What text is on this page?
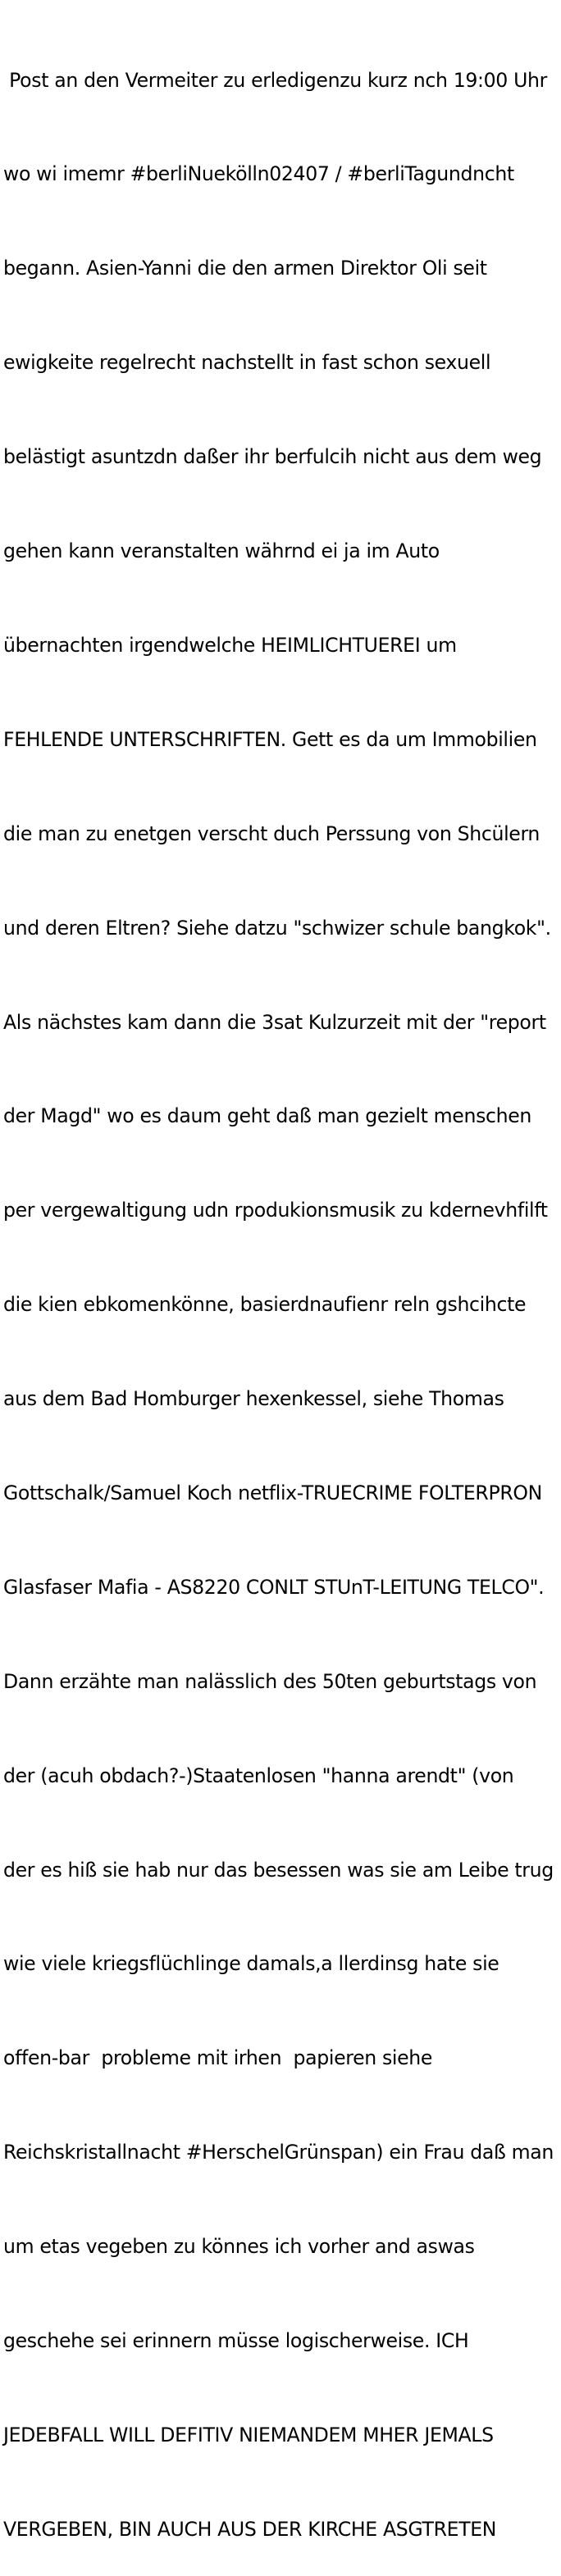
Post an den Vermeiter zu erledigenzu kurz nch 19:00 Uhr

wo wi imemr #berliNuekölln02407 / #berliTagundncht

begann. Asien-Yanni die den armen Direktor Oli seit

ewigkeite regelrecht nachstellt in fast schon sexuell

belästigt asuntzdn daßer ihr berfulcih nicht aus dem weg

gehen kann veranstalten währnd ei ja im Auto

übernachten irgendwelche HEIMLICHTUEREI um

FEHLENDE UNTERSCHRIFTEN. Gett es da um Immobilien

die man zu enetgen verscht duch Perssung von Shcülern

und deren Eltren? Siehe datzu "schwizer schule bangkok".

Als nächstes kam dann die 3sat Kulzurzeit mit der "report

der Magd" wo es daum geht daß man gezielt menschen

per vergewaltigung udn rpodukionsmusik zu kdernevhfilft

die kien ebkomenkönne, basierdnaufienr reln gshcihcte

aus dem Bad Homburger hexenkessel, siehe Thomas

Gottschalk/Samuel Koch netflix-TRUECRIME FOLTERPRON

Glasfaser Mafia - AS8220 CONLT STUnT-LEITUNG TELCO".

Dann erzähte man nalässlich des 50ten geburtstags von

der (acuh obdach?-)Staatenlosen "hanna arendt" (von

der es hiß sie hab nur das besessen was sie am Leibe trug

wie viele kriegsflüchlinge damals,a llerdinsg hate sie

offen-bar  probleme mit irhen  papieren siehe

Reichskristallnacht #HerschelGrünspan) ein Frau daß man

um etas vegeben zu könnes ich vorher and aswas

geschehe sei erinnern müsse logischerweise. ICH

JEDEBFALL WILL DEFITIV NIEMANDEM MHER JEMALS

VERGEBEN, BIN AUCH AUS DER KIRCHE ASGTRETEN
